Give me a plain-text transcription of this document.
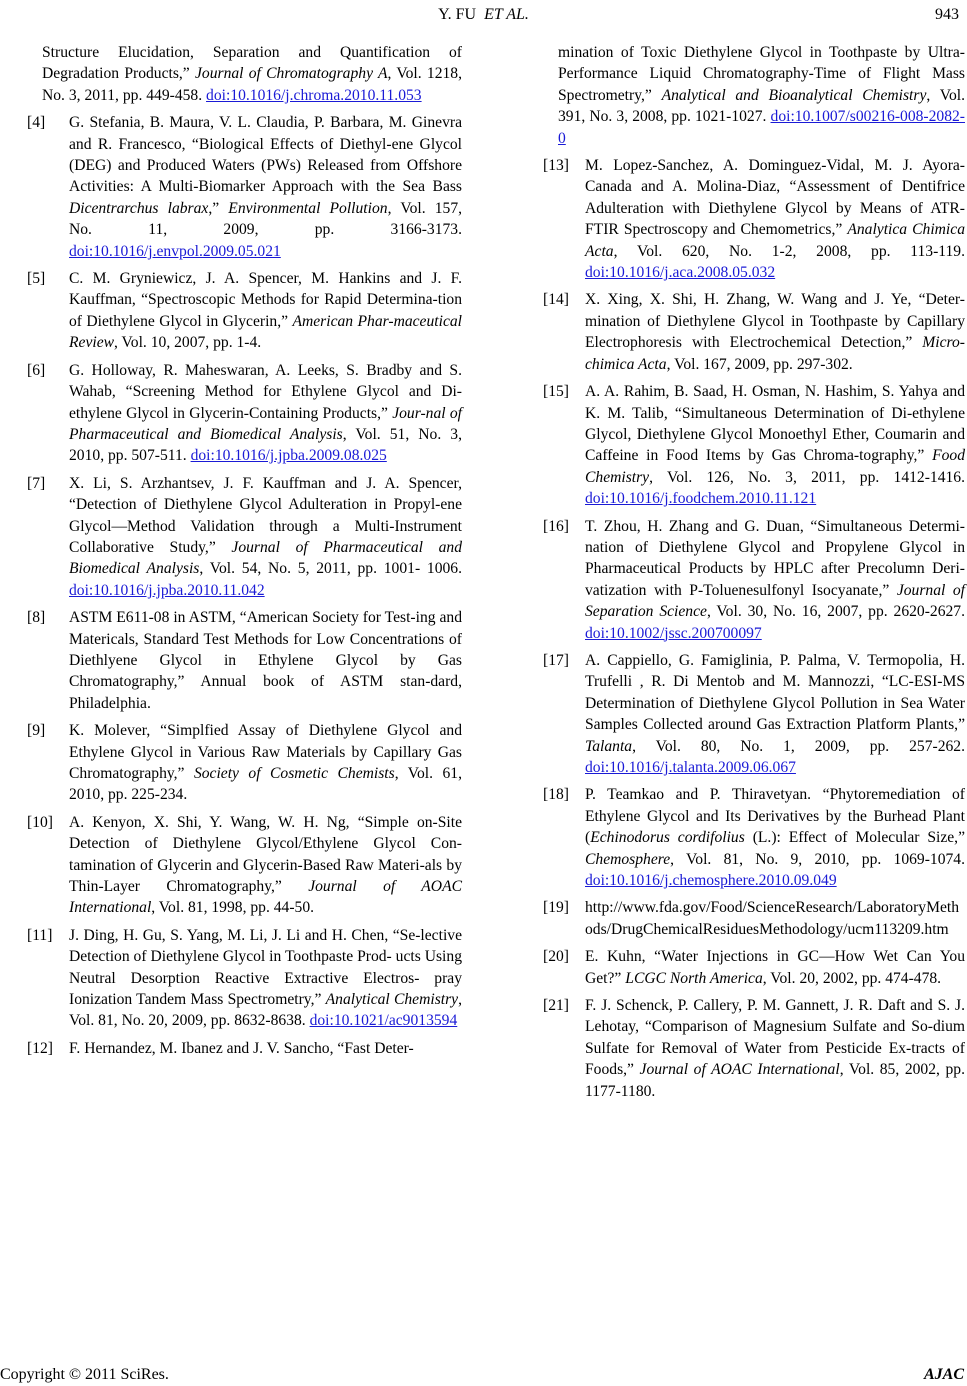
Y. FU ET AL.	943
Structure Elucidation, Separation and Quantification of Degradation Products,” Journal of Chromatography A, Vol. 1218, No. 3, 2011, pp. 449-458. doi:10.1016/j.chroma.2010.11.053
[4]	G. Stefania, B. Maura, V. L. Claudia, P. Barbara, M. Ginevra and R. Francesco, “Biological Effects of Diethyl-ene Glycol (DEG) and Produced Waters (PWs) Released from Offshore Activities: A Multi-Biomarker Approach with the Sea Bass Dicentrarchus labrax,” Environmental Pollution, Vol. 157, No. 11, 2009, pp. 3166-3173. doi:10.1016/j.envpol.2009.05.021
[5]	C. M. Gryniewicz, J. A. Spencer, M. Hankins and J. F. Kauffman, “Spectroscopic Methods for Rapid Determina-tion of Diethylene Glycol in Glycerin,” American Phar-maceutical Review, Vol. 10, 2007, pp. 1-4.
[6]	G. Holloway, R. Maheswaran, A. Leeks, S. Bradby and S. Wahab, “Screening Method for Ethylene Glycol and Di-ethylene Glycol in Glycerin-Containing Products,” Jour-nal of Pharmaceutical and Biomedical Analysis, Vol. 51, No. 3, 2010, pp. 507-511. doi:10.1016/j.jpba.2009.08.025
[7]	X. Li, S. Arzhantsev, J. F. Kauffman and J. A. Spencer, “Detection of Diethylene Glycol Adulteration in Propyl-ene Glycol—Method Validation through a Multi-Instrument Collaborative Study,” Journal of Pharmaceutical and Biomedical Analysis, Vol. 54, No. 5, 2011, pp. 1001- 1006. doi:10.1016/j.jpba.2010.11.042
[8]	ASTM E611-08 in ASTM, “American Society for Test-ing and Matericals, Standard Test Methods for Low Concentrations of Diethlyene Glycol in Ethylene Glycol by Gas Chromatography,” Annual book of ASTM stan-dard, Philadelphia.
[9]	K. Molever, “Simplfied Assay of Diethylene Glycol and Ethylene Glycol in Various Raw Materials by Capillary Gas Chromatography,” Society of Cosmetic Chemists, Vol. 61, 2010, pp. 225-234.
[10]	A. Kenyon, X. Shi, Y. Wang, W. H. Ng, “Simple on-Site Detection of Diethylene Glycol/Ethylene Glycol Con-tamination of Glycerin and Glycerin-Based Raw Materi-als by Thin-Layer Chromatography,” Journal of AOAC International, Vol. 81, 1998, pp. 44-50.
[11]	J. Ding, H. Gu, S. Yang, M. Li, J. Li and H. Chen, “Se-lective Detection of Diethylene Glycol in Toothpaste Prod- ucts Using Neutral Desorption Reactive Extractive Electros- pray Ionization Tandem Mass Spectrometry,” Analytical Chemistry, Vol. 81, No. 20, 2009, pp. 8632-8638. doi:10.1021/ac9013594
[12]	F. Hernandez, M. Ibanez and J. V. Sancho, “Fast Deter-
mination of Toxic Diethylene Glycol in Toothpaste by Ultra-Performance Liquid Chromatography-Time of Flight Mass Spectrometry,” Analytical and Bioanalytical Chemistry, Vol. 391, No. 3, 2008, pp. 1021-1027. doi:10.1007/s00216-008-2082-0
[13]	M. Lopez-Sanchez, A. Dominguez-Vidal, M. J. Ayora-Canada and A. Molina-Diaz, “Assessment of Dentifrice Adulteration with Diethylene Glycol by Means of ATR-FTIR Spectroscopy and Chemometrics,” Analytica Chimica Acta, Vol. 620, No. 1-2, 2008, pp. 113-119. doi:10.1016/j.aca.2008.05.032
[14]	X. Xing, X. Shi, H. Zhang, W. Wang and J. Ye, “Deter-mination of Diethylene Glycol in Toothpaste by Capillary Electrophoresis with Electrochemical Detection,” Micro-chimica Acta, Vol. 167, 2009, pp. 297-302.
[15]	A. A. Rahim, B. Saad, H. Osman, N. Hashim, S. Yahya and K. M. Talib, “Simultaneous Determination of Di-ethylene Glycol, Diethylene Glycol Monoethyl Ether, Coumarin and Caffeine in Food Items by Gas Chroma-tography,” Food Chemistry, Vol. 126, No. 3, 2011, pp. 1412-1416. doi:10.1016/j.foodchem.2010.11.121
[16]	T. Zhou, H. Zhang and G. Duan, “Simultaneous Determi-nation of Diethylene Glycol and Propylene Glycol in Pharmaceutical Products by HPLC after Precolumn Deri-vatization with P-Toluenesulfonyl Isocyanate,” Journal of Separation Science, Vol. 30, No. 16, 2007, pp. 2620-2627. doi:10.1002/jssc.200700097
[17]	A. Cappiello, G. Famiglinia, P. Palma, V. Termopolia, H. Trufelli , R. Di Mentob and M. Mannozzi, “LC-ESI-MS Determination of Diethylene Glycol Pollution in Sea Water Samples Collected around Gas Extraction Platform Plants,” Talanta, Vol. 80, No. 1, 2009, pp. 257-262. doi:10.1016/j.talanta.2009.06.067
[18]	P. Teamkao and P. Thiravetyan. “Phytoremediation of Ethylene Glycol and Its Derivatives by the Burhead Plant (Echinodorus cordifolius (L.): Effect of Molecular Size,” Chemosphere, Vol. 81, No. 9, 2010, pp. 1069-1074. doi:10.1016/j.chemosphere.2010.09.049
[19]	http://www.fda.gov/Food/ScienceResearch/LaboratoryMethods/DrugChemicalResiduesMethodology/ucm113209.htm
[20]	E. Kuhn, “Water Injections in GC―How Wet Can You Get?” LCGC North America, Vol. 20, 2002, pp. 474-478.
[21]	F. J. Schenck, P. Callery, P. M. Gannett, J. R. Daft and S. J. Lehotay, “Comparison of Magnesium Sulfate and So-dium Sulfate for Removal of Water from Pesticide Ex-tracts of Foods,” Journal of AOAC International, Vol. 85, 2002, pp. 1177-1180.
Copyright © 2011 SciRes.	AJAC
